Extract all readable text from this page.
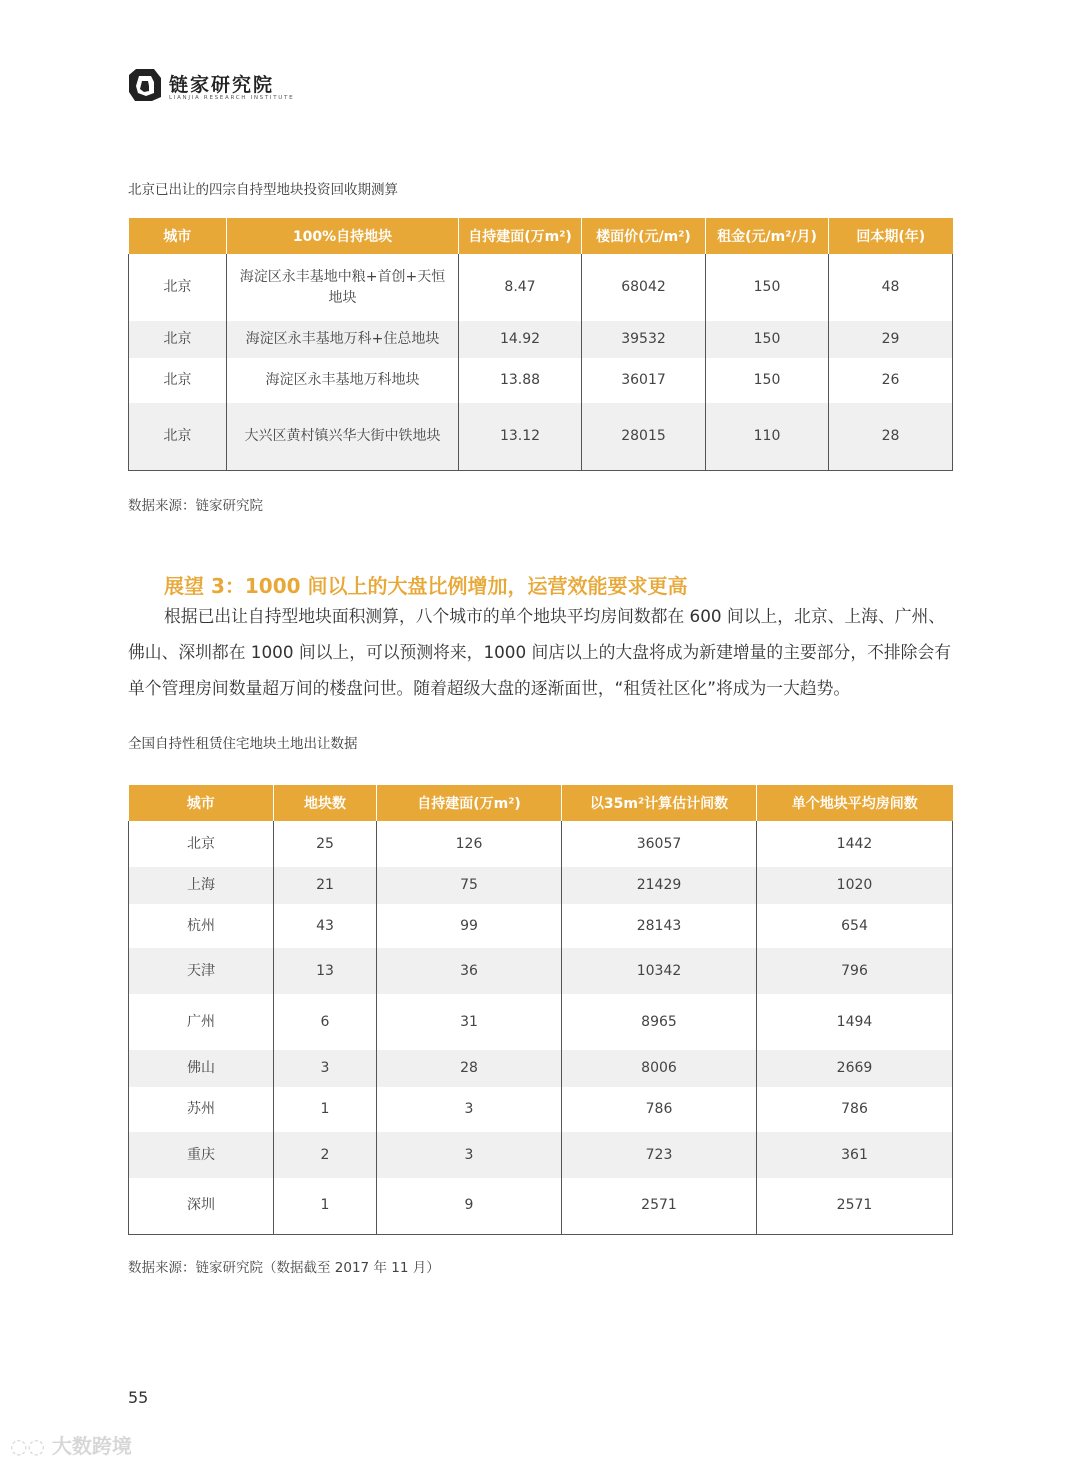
链家研究院
LIANJIA RESEARCH INSTITUTE
北京已出让的四宗自持型地块投资回收期测算
城市	100%自持地块	自持建面(万m²)	楼面价(元/m²)	租金(元/m²/月)	回本期(年)
北京	海淀区永丰基地中粮+首创+天恒地块	8.47	68042	150	48
北京	海淀区永丰基地万科+住总地块	14.92	39532	150	29
北京	海淀区永丰基地万科地块	13.88	36017	150	26
北京	大兴区黄村镇兴华大街中铁地块	13.12	28015	110	28
数据来源：链家研究院
展望 3：1000 间以上的大盘比例增加，运营效能要求更高
根据已出让自持型地块面积测算，八个城市的单个地块平均房间数都在 600 间以上，北京、上海、广州、佛山、深圳都在 1000 间以上，可以预测将来，1000 间店以上的大盘将成为新建增量的主要部分，不排除会有单个管理房间数量超万间的楼盘问世。随着超级大盘的逐渐面世，“租赁社区化”将成为一大趋势。
全国自持性租赁住宅地块土地出让数据
城市	地块数	自持建面(万m²)	以35m²计算估计间数	单个地块平均房间数
北京	25	126	36057	1442
上海	21	75	21429	1020
杭州	43	99	28143	654
天津	13	36	10342	796
广州	6	31	8965	1494
佛山	3	28	8006	2669
苏州	1	3	786	786
重庆	2	3	723	361
深圳	1	9	2571	2571
数据来源：链家研究院（数据截至 2017 年 11 月）
55
◌◌ 大数跨境
